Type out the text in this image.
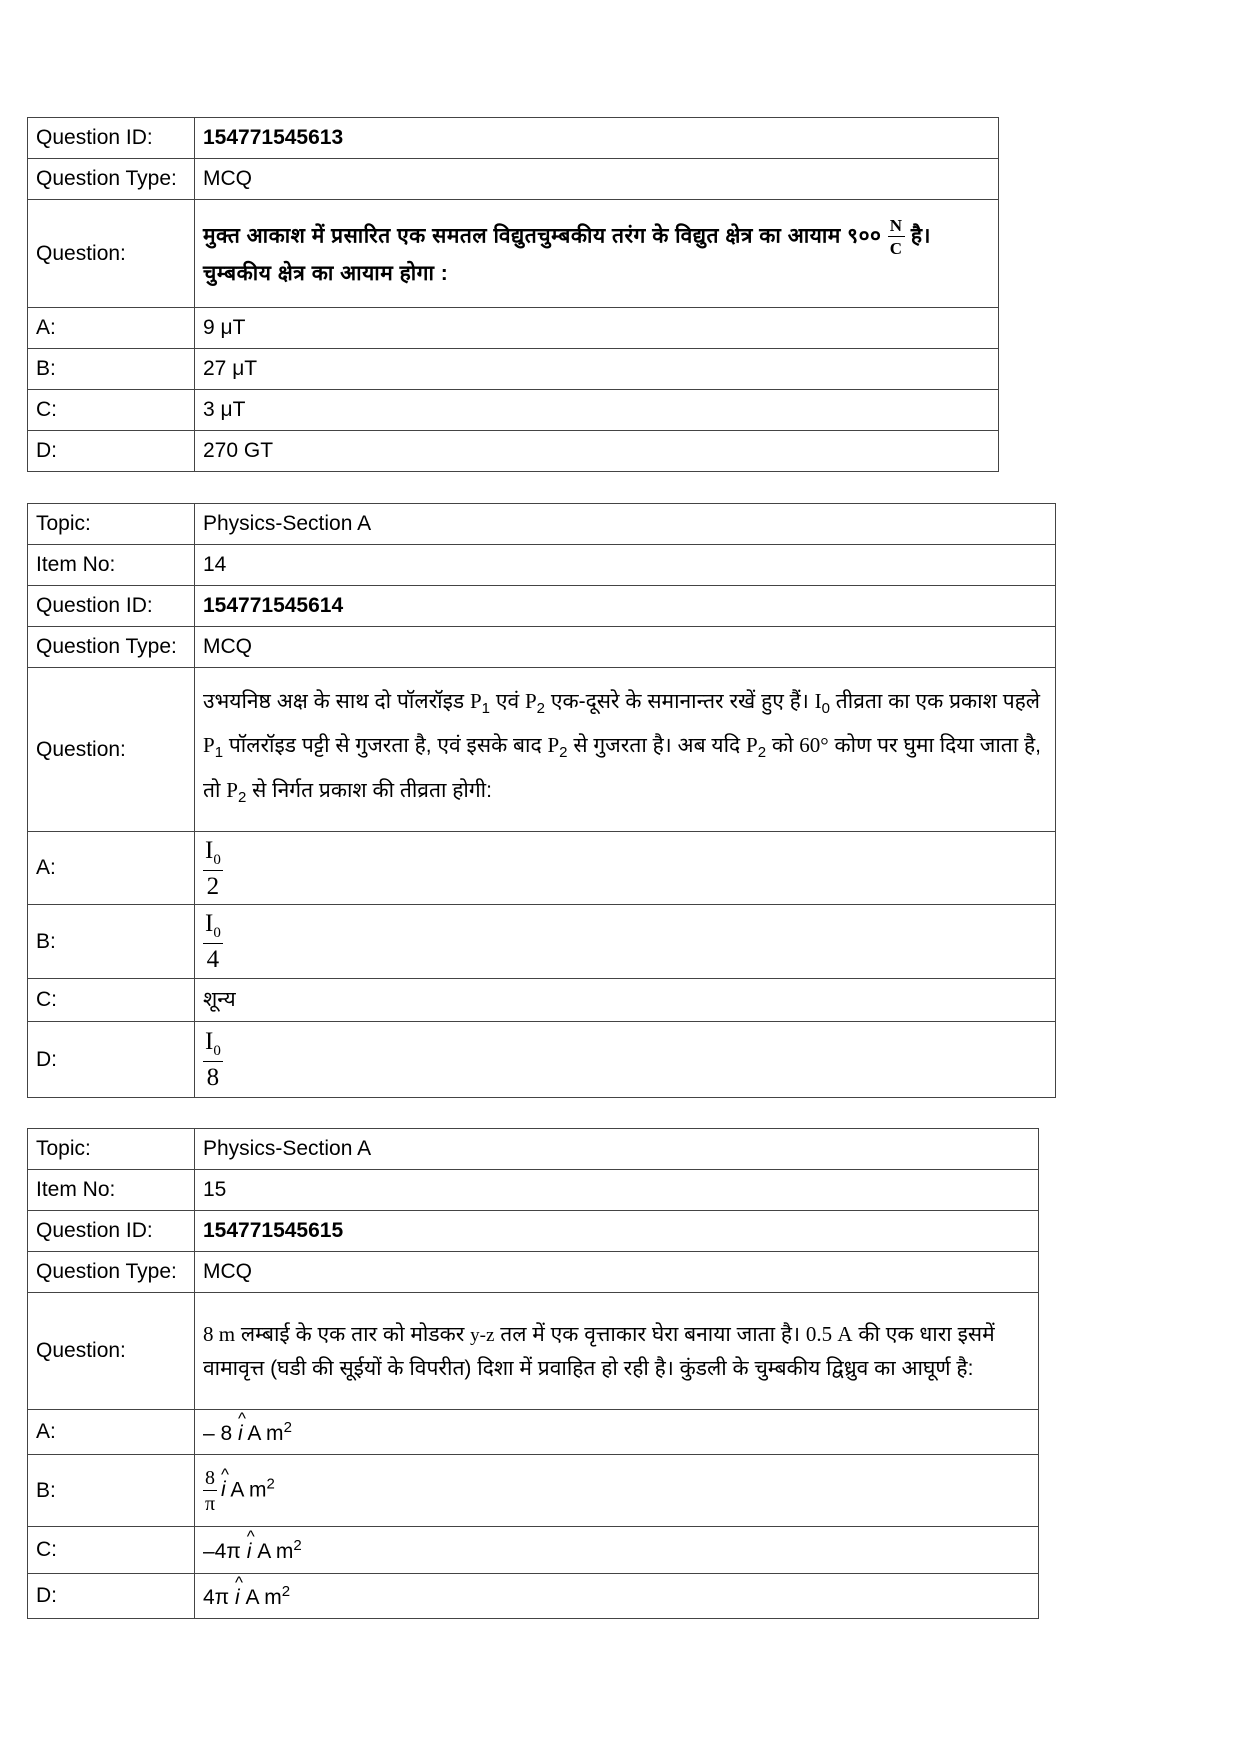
Question ID:	154771545613
Question Type:	MCQ
Question:	मुक्त आकाश में प्रसारित एक समतल विद्युतचुम्बकीय तरंग के विद्युत क्षेत्र का आयाम ९०० $\frac{N}{C}$ है। चुम्बकीय क्षेत्र का आयाम होगा :
A:	9 μT
B:	27 μT
C:	3 μT
D:	270 GT
Topic:	Physics-Section A
Item No:	14
Question ID:	154771545614
Question Type:	MCQ
Question:	उभयनिष्ठ अक्ष के साथ दो पॉलरॉइड $P_1$ एवं $P_2$ एक-दूसरे के समानान्तर रखें हुए हैं। $I_0$ तीव्रता का एक प्रकाश पहले $P_1$ पॉलरॉइड पट्टी से गुजरता है, एवं इसके बाद $P_2$ से गुजरता है। अब यदि $P_2$ को 60° कोण पर घुमा दिया जाता है, तो $P_2$ से निर्गत प्रकाश की तीव्रता होगी:
A:	$\frac{I_0}{2}$

B:	$\frac{I_0}{4}$

C:	शून्य
D:	$\frac{I_0}{8}$
Topic:	Physics-Section A
Item No:	15
Question ID:	154771545615
Question Type:	MCQ
Question:	8 m लम्बाई के एक तार को मोडकर y-z तल में एक वृत्ताकार घेरा बनाया जाता है। 0.5 A की एक धारा इसमें वामावृत्त (घडी की सूईयों के विपरीत) दिशा में प्रवाहित हो रही है। कुंडली के चुम्बकीय द्विध्रुव का आघूर्ण है:
A:	– 8 ^ i A $m^2$
B:	$\frac{8}{\pi}$ ^ i A $m^2$
C:	–4π ^ i A $m^2$
D:	4π ^ i A $m^2$
